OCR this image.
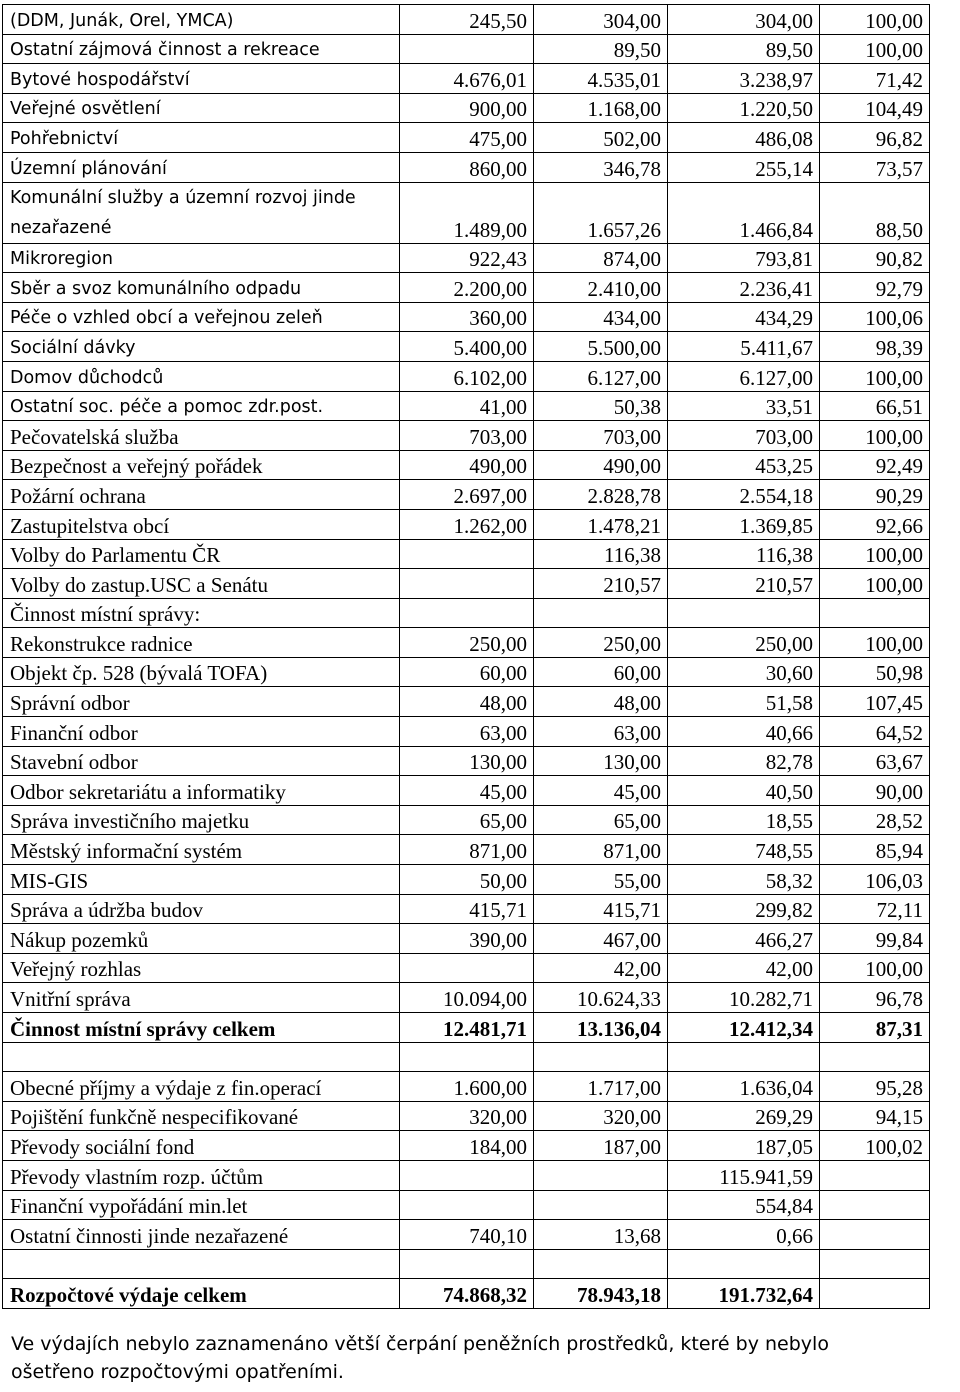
(DDM, Junák, Orel, YMCA)	245,50	304,00	304,00	100,00
Ostatní zájmová činnost a rekreace		89,50	89,50	100,00
Bytové hospodářství	4.676,01	4.535,01	3.238,97	71,42
Veřejné osvětlení	900,00	1.168,00	1.220,50	104,49
Pohřebnictví	475,00	502,00	486,08	96,82
Územní plánování	860,00	346,78	255,14	73,57
Komunální služby a územní rozvoj jinde nezařazené	1.489,00	1.657,26	1.466,84	88,50
Mikroregion	922,43	874,00	793,81	90,82
Sběr a svoz komunálního odpadu	2.200,00	2.410,00	2.236,41	92,79
Péče o vzhled obcí a veřejnou zeleň	360,00	434,00	434,29	100,06
Sociální dávky	5.400,00	5.500,00	5.411,67	98,39
Domov důchodců	6.102,00	6.127,00	6.127,00	100,00
Ostatní soc. péče a pomoc zdr.post.	41,00	50,38	33,51	66,51
Pečovatelská služba	703,00	703,00	703,00	100,00
Bezpečnost a veřejný pořádek	490,00	490,00	453,25	92,49
Požární ochrana	2.697,00	2.828,78	2.554,18	90,29
Zastupitelstva obcí	1.262,00	1.478,21	1.369,85	92,66
Volby do Parlamentu ČR		116,38	116,38	100,00
Volby do zastup.USC a Senátu		210,57	210,57	100,00
Činnost místní správy:				
Rekonstrukce radnice	250,00	250,00	250,00	100,00
Objekt čp. 528 (bývalá TOFA)	60,00	60,00	30,60	50,98
Správní odbor	48,00	48,00	51,58	107,45
Finanční odbor	63,00	63,00	40,66	64,52
Stavební odbor	130,00	130,00	82,78	63,67
Odbor sekretariátu a informatiky	45,00	45,00	40,50	90,00
Správa investičního majetku	65,00	65,00	18,55	28,52
Městský informační systém	871,00	871,00	748,55	85,94
MIS-GIS	50,00	55,00	58,32	106,03
Správa a údržba budov	415,71	415,71	299,82	72,11
Nákup pozemků	390,00	467,00	466,27	99,84
Veřejný rozhlas		42,00	42,00	100,00
Vnitřní správa	10.094,00	10.624,33	10.282,71	96,78
Činnost místní správy celkem	12.481,71	13.136,04	12.412,34	87,31

Obecné příjmy a výdaje z fin.operací	1.600,00	1.717,00	1.636,04	95,28
Pojištění funkčně nespecifikované	320,00	320,00	269,29	94,15
Převody sociální fond	184,00	187,00	187,05	100,02
Převody vlastním rozp. účtům			115.941,59	
Finanční vypořádání min.let			554,84	
Ostatní činnosti jinde nezařazené	740,10	13,68	0,66	

Rozpočtové výdaje celkem	74.868,32	78.943,18	191.732,64	
Ve výdajích nebylo zaznamenáno větší čerpání peněžních prostředků, které by nebylo ošetřeno rozpočtovými opatřeními.
